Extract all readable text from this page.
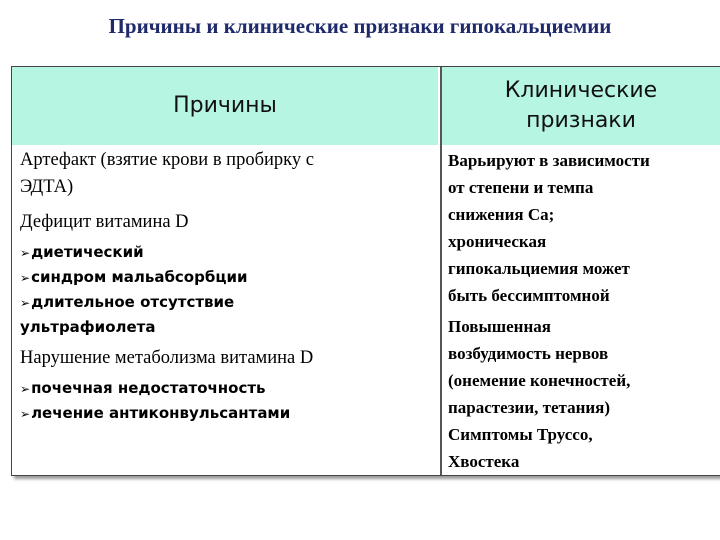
Причины и клинические признаки гипокальциемии
Причины
Клинические
признаки

Артефакт (взятие крови в пробирку с

ЭДТА)

Дефицит витамина D

➢диетический

➢синдром мальабсорбции

➢длительное отсутствие

ультрафиолета

Нарушение метаболизма витамина D

➢почечная недостаточность

➢лечение антиконвульсантами

Варьируют в зависимости

от степени и темпа

снижения Са;

хроническая

гипокальциемия может

быть бессимптомной

Повышенная

возбудимость нервов

(онемение конечностей,

парастезии, тетания)

Симптомы Труссо,

Хвостека
